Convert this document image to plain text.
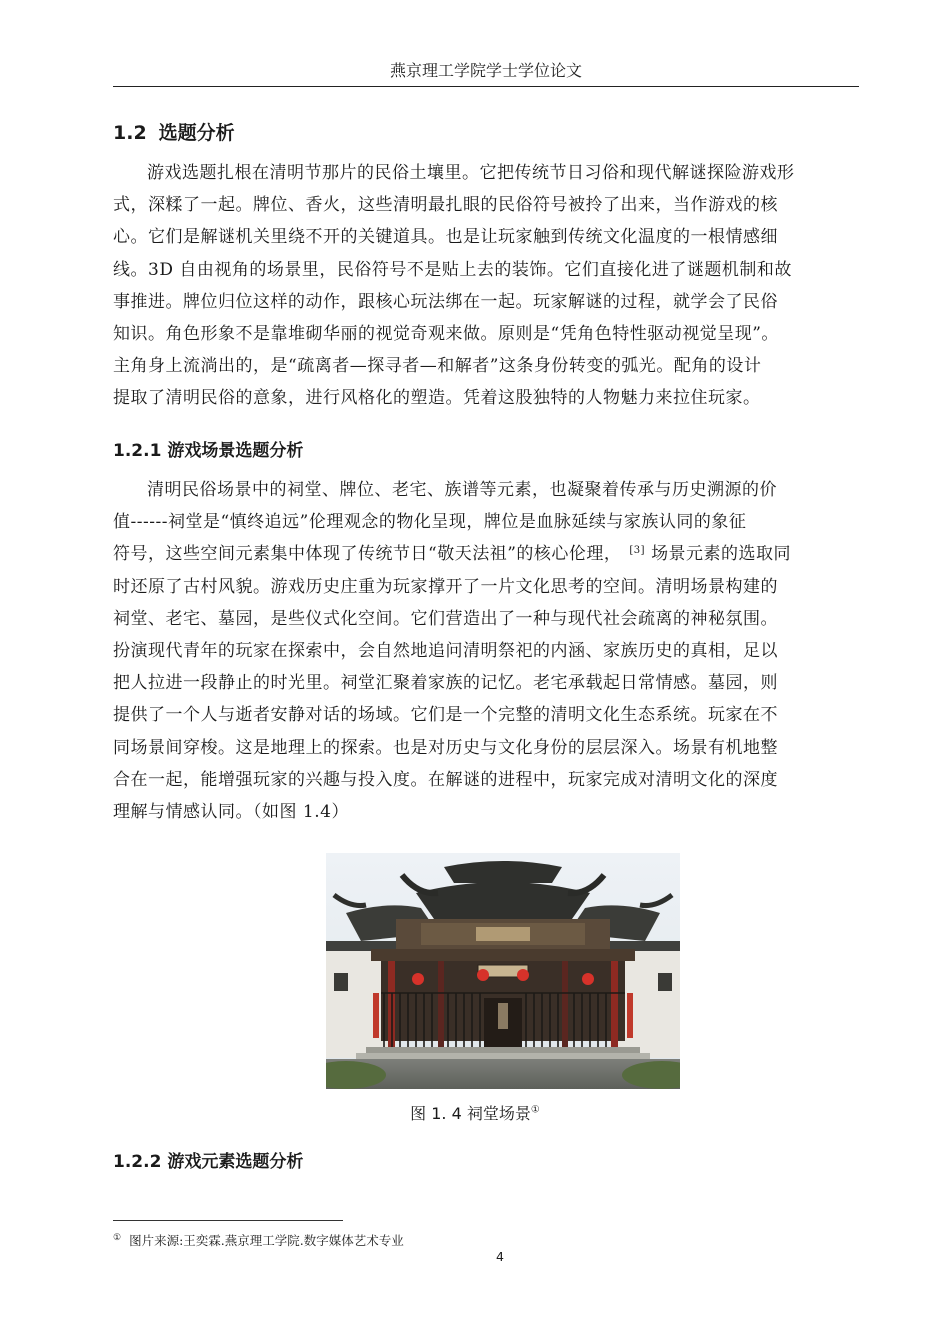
燕京理工学院学士学位论文
1.2 选题分析

游戏选题扎根在清明节那片的民俗土壤里。它把传统节日习俗和现代解谜探险游戏形
式，深糅了一起。牌位、香火，这些清明最扎眼的民俗符号被拎了出来，当作游戏的核
心。它们是解谜机关里绕不开的关键道具。也是让玩家触到传统文化温度的一根情感细
线。3D 自由视角的场景里，民俗符号不是贴上去的装饰。它们直接化进了谜题机制和故
事推进。牌位归位这样的动作，跟核心玩法绑在一起。玩家解谜的过程，就学会了民俗
知识。角色形象不是靠堆砌华丽的视觉奇观来做。原则是“凭角色特性驱动视觉呈现”。
主角身上流淌出的，是“疏离者—探寻者—和解者”这条身份转变的弧光。配角的设计
提取了清明民俗的意象，进行风格化的塑造。凭着这股独特的人物魅力来拉住玩家。

1.2.1 游戏场景选题分析

清明民俗场景中的祠堂、牌位、老宅、族谱等元素，也凝聚着传承与历史溯源的价
值------祠堂是“慎终追远”伦理观念的物化呈现，牌位是血脉延续与家族认同的象征
符号，这些空间元素集中体现了传统节日“敬天法祖”的核心伦理， [3] 场景元素的选取同
时还原了古村风貌。游戏历史庄重为玩家撑开了一片文化思考的空间。清明场景构建的
祠堂、老宅、墓园，是些仪式化空间。它们营造出了一种与现代社会疏离的神秘氛围。
扮演现代青年的玩家在探索中，会自然地追问清明祭祀的内涵、家族历史的真相，足以
把人拉进一段静止的时光里。祠堂汇聚着家族的记忆。老宅承载起日常情感。墓园，则
提供了一个人与逝者安静对话的场域。它们是一个完整的清明文化生态系统。玩家在不
同场景间穿梭。这是地理上的探索。也是对历史与文化身份的层层深入。场景有机地整
合在一起，能增强玩家的兴趣与投入度。在解谜的进程中，玩家完成对清明文化的深度
理解与情感认同。（如图 1.4）

图 1. 4 祠堂场景①
1.2.2 游戏元素选题分析
① 图片来源:王奕霖.燕京理工学院.数字媒体艺术专业
4
